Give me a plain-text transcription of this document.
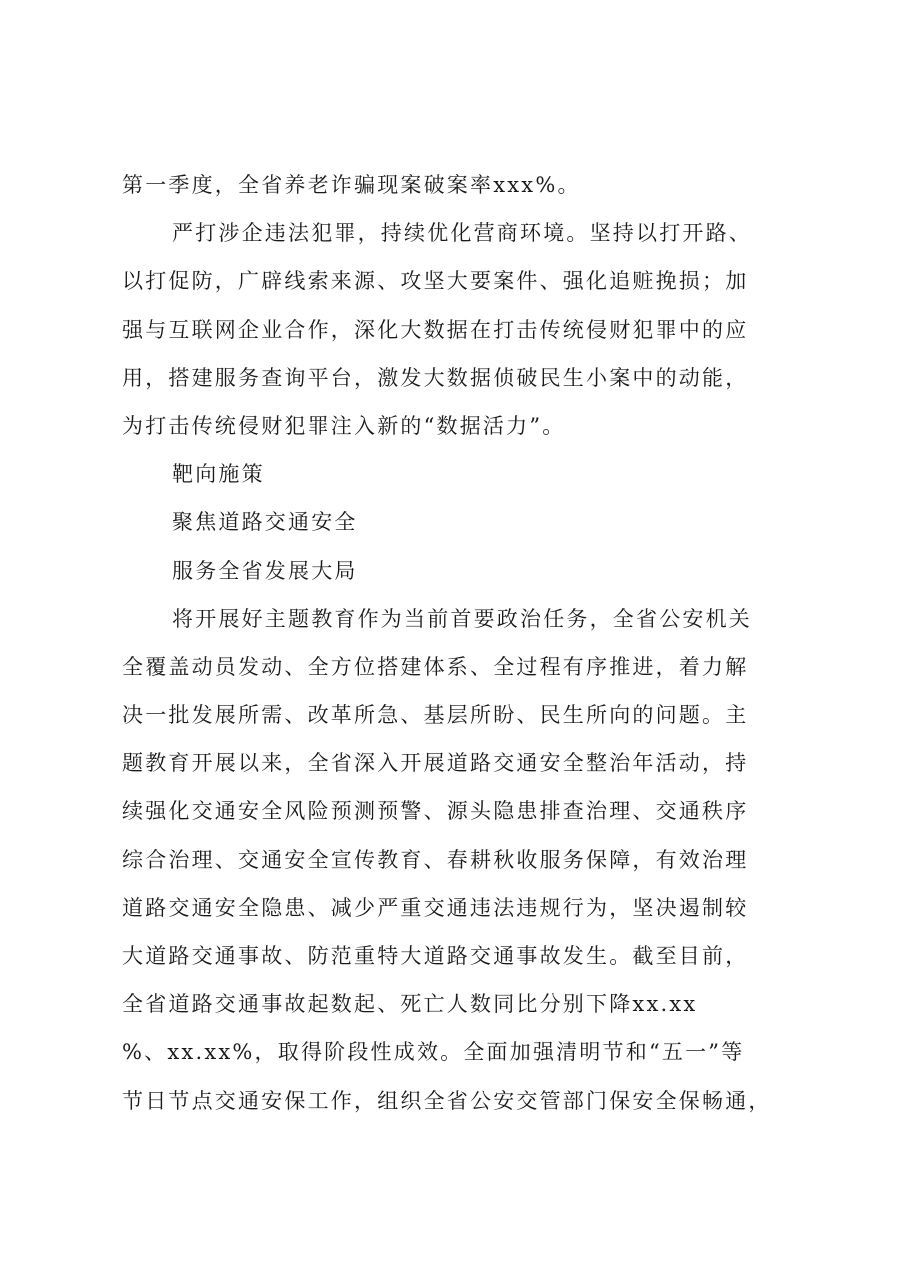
第一季度，全省养老诈骗现案破案率xxx%。
严打涉企违法犯罪，持续优化营商环境。坚持以打开路、
以打促防，广辟线索来源、攻坚大要案件、强化追赃挽损；加
强与互联网企业合作，深化大数据在打击传统侵财犯罪中的应
用，搭建服务查询平台，激发大数据侦破民生小案中的动能，
为打击传统侵财犯罪注入新的“数据活力”。
靶向施策
聚焦道路交通安全
服务全省发展大局
将开展好主题教育作为当前首要政治任务，全省公安机关
全覆盖动员发动、全方位搭建体系、全过程有序推进，着力解
决一批发展所需、改革所急、基层所盼、民生所向的问题。主
题教育开展以来，全省深入开展道路交通安全整治年活动，持
续强化交通安全风险预测预警、源头隐患排查治理、交通秩序
综合治理、交通安全宣传教育、春耕秋收服务保障，有效治理
道路交通安全隐患、减少严重交通违法违规行为，坚决遏制较
大道路交通事故、防范重特大道路交通事故发生。截至目前，
全省道路交通事故起数起、死亡人数同比分别下降xx.xx
%、xx.xx%，取得阶段性成效。全面加强清明节和“五一”等
节日节点交通安保工作，组织全省公安交管部门保安全保畅通，
